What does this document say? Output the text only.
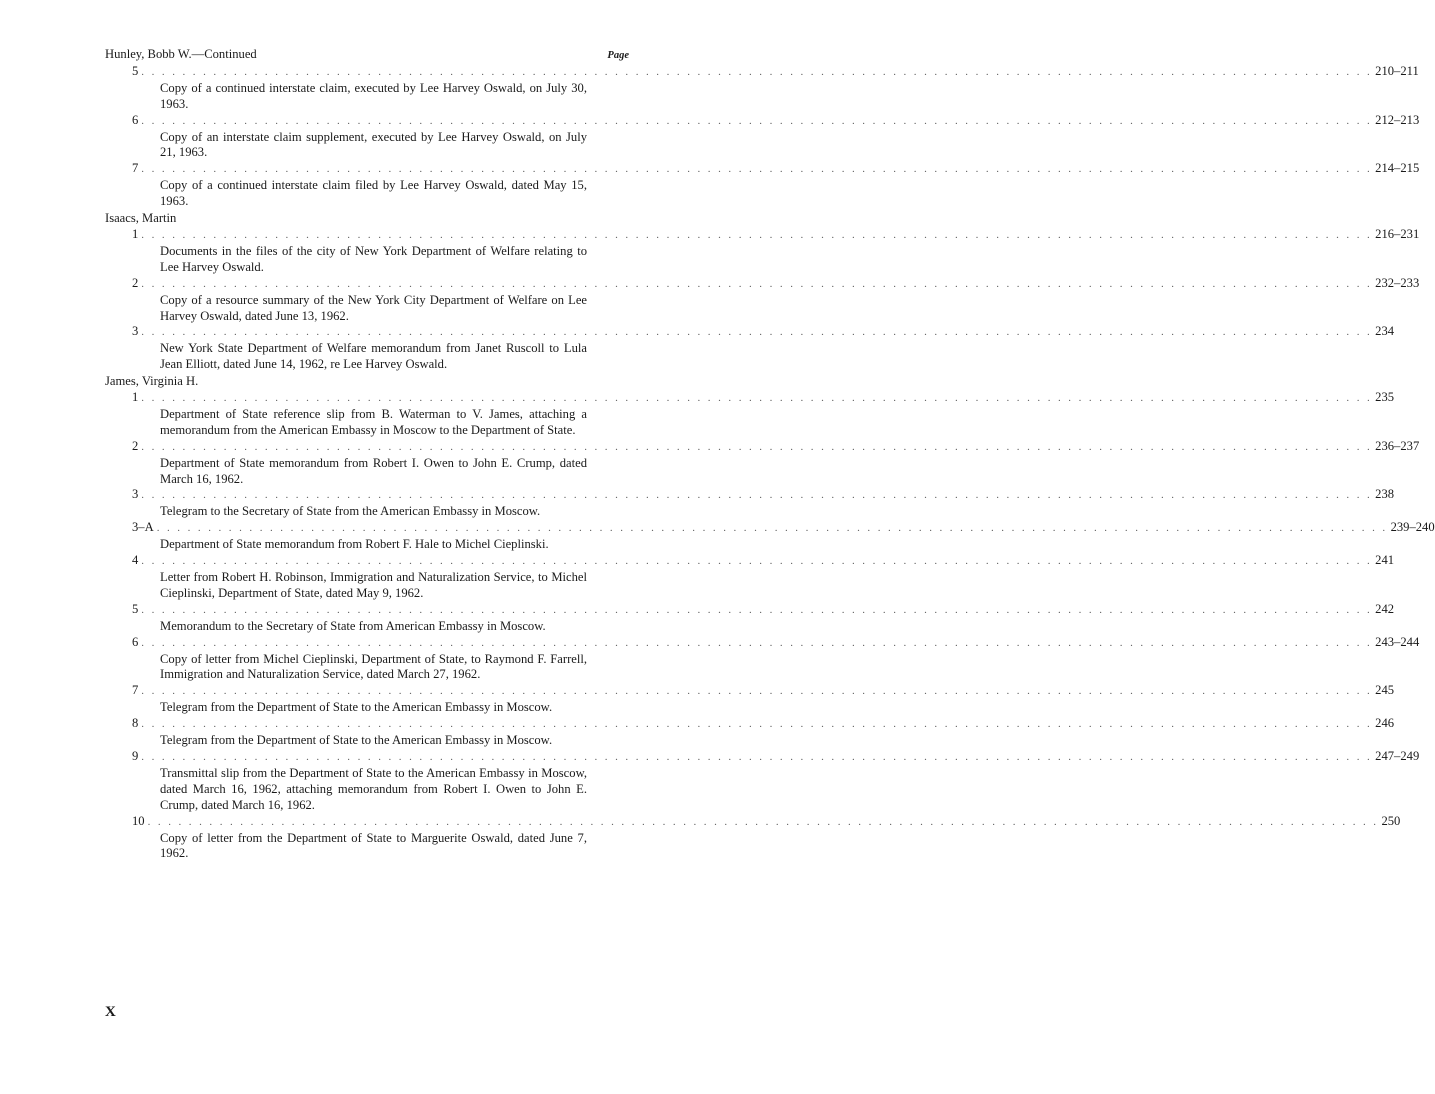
Hunley, Bobb W.—Continued	Page
5 . . . . . . . . . . . . . . . . . . . . . . . . . . . . . . . . . . . . . . . . . . . . . . . . . . . . . . . . . . . . . . . . . . . . . . . . . . . . . . . . . . . . . . . . . . . . . . . . . . . . . . . . . . . . . . . . . . . . . . . . 210–211
Copy of a continued interstate claim, executed by Lee Harvey Oswald, on July 30, 1963.
6 . . . . . . . . . . . . . . . . . . . . . . . . . . . . . . . . . . . . . . . . . . . . . . . . . . . . . . . . . . . . . . . . . . . . . . . . . . . . . . . . . . . . . . . . . . . . . . . . . . . . . . . . . . . . . . . . . . . . . . . . 212–213
Copy of an interstate claim supplement, executed by Lee Harvey Oswald, on July 21, 1963.
7 . . . . . . . . . . . . . . . . . . . . . . . . . . . . . . . . . . . . . . . . . . . . . . . . . . . . . . . . . . . . . . . . . . . . . . . . . . . . . . . . . . . . . . . . . . . . . . . . . . . . . . . . . . . . . . . . . . . . . . . . 214–215
Copy of a continued interstate claim filed by Lee Harvey Oswald, dated May 15, 1963.
Isaacs, Martin
1 . . . . . . . . . . . . . . . . . . . . . . . . . . . . . . . . . . . . . . . . . . . . . . . . . . . . . . . . . . . . . . . . . . . . . . . . . . . . . . . . . . . . . . . . . . . . . . . . . . . . . . . . . . . . . . . . . . . . . . . . 216–231
Documents in the files of the city of New York Department of Welfare relating to Lee Harvey Oswald.
2 . . . . . . . . . . . . . . . . . . . . . . . . . . . . . . . . . . . . . . . . . . . . . . . . . . . . . . . . . . . . . . . . . . . . . . . . . . . . . . . . . . . . . . . . . . . . . . . . . . . . . . . . . . . . . . . . . . . . . . . . 232–233
Copy of a resource summary of the New York City Department of Welfare on Lee Harvey Oswald, dated June 13, 1962.
3 . . . . . . . . . . . . . . . . . . . . . . . . . . . . . . . . . . . . . . . . . . . . . . . . . . . . . . . . . . . . . . . . . . . . . . . . . . . . . . . . . . . . . . . . . . . . . . . . . . . . . . . . . . . . . . . . . . . . . . . . 234
New York State Department of Welfare memorandum from Janet Ruscoll to Lula Jean Elliott, dated June 14, 1962, re Lee Harvey Oswald.
James, Virginia H.
1 . . . . . . . . . . . . . . . . . . . . . . . . . . . . . . . . . . . . . . . . . . . . . . . . . . . . . . . . . . . . . . . . . . . . . . . . . . . . . . . . . . . . . . . . . . . . . . . . . . . . . . . . . . . . . . . . . . . . . . . . 235
Department of State reference slip from B. Waterman to V. James, attaching a memorandum from the American Embassy in Moscow to the Department of State.
2 . . . . . . . . . . . . . . . . . . . . . . . . . . . . . . . . . . . . . . . . . . . . . . . . . . . . . . . . . . . . . . . . . . . . . . . . . . . . . . . . . . . . . . . . . . . . . . . . . . . . . . . . . . . . . . . . . . . . . . . . 236–237
Department of State memorandum from Robert I. Owen to John E. Crump, dated March 16, 1962.
3 . . . . . . . . . . . . . . . . . . . . . . . . . . . . . . . . . . . . . . . . . . . . . . . . . . . . . . . . . . . . . . . . . . . . . . . . . . . . . . . . . . . . . . . . . . . . . . . . . . . . . . . . . . . . . . . . . . . . . . . . 238
Telegram to the Secretary of State from the American Embassy in Moscow.
3–A . . . . . . . . . . . . . . . . . . . . . . . . . . . . . . . . . . . . . . . . . . . . . . . . . . . . . . . . . . . . . . . . . . . . . . . . . . . . . . . . . . . . . . . . . . . . . . . . . . . . . . . . . . . . . . . . . . . . . . . . 239–240
Department of State memorandum from Robert F. Hale to Michel Cieplinski.
4 . . . . . . . . . . . . . . . . . . . . . . . . . . . . . . . . . . . . . . . . . . . . . . . . . . . . . . . . . . . . . . . . . . . . . . . . . . . . . . . . . . . . . . . . . . . . . . . . . . . . . . . . . . . . . . . . . . . . . . . . 241
Letter from Robert H. Robinson, Immigration and Naturalization Service, to Michel Cieplinski, Department of State, dated May 9, 1962.
5 . . . . . . . . . . . . . . . . . . . . . . . . . . . . . . . . . . . . . . . . . . . . . . . . . . . . . . . . . . . . . . . . . . . . . . . . . . . . . . . . . . . . . . . . . . . . . . . . . . . . . . . . . . . . . . . . . . . . . . . . 242
Memorandum to the Secretary of State from American Embassy in Moscow.
6 . . . . . . . . . . . . . . . . . . . . . . . . . . . . . . . . . . . . . . . . . . . . . . . . . . . . . . . . . . . . . . . . . . . . . . . . . . . . . . . . . . . . . . . . . . . . . . . . . . . . . . . . . . . . . . . . . . . . . . . . 243–244
Copy of letter from Michel Cieplinski, Department of State, to Raymond F. Farrell, Immigration and Naturalization Service, dated March 27, 1962.
7 . . . . . . . . . . . . . . . . . . . . . . . . . . . . . . . . . . . . . . . . . . . . . . . . . . . . . . . . . . . . . . . . . . . . . . . . . . . . . . . . . . . . . . . . . . . . . . . . . . . . . . . . . . . . . . . . . . . . . . . . 245
Telegram from the Department of State to the American Embassy in Moscow.
8 . . . . . . . . . . . . . . . . . . . . . . . . . . . . . . . . . . . . . . . . . . . . . . . . . . . . . . . . . . . . . . . . . . . . . . . . . . . . . . . . . . . . . . . . . . . . . . . . . . . . . . . . . . . . . . . . . . . . . . . . 246
Telegram from the Department of State to the American Embassy in Moscow.
9 . . . . . . . . . . . . . . . . . . . . . . . . . . . . . . . . . . . . . . . . . . . . . . . . . . . . . . . . . . . . . . . . . . . . . . . . . . . . . . . . . . . . . . . . . . . . . . . . . . . . . . . . . . . . . . . . . . . . . . . . 247–249
Transmittal slip from the Department of State to the American Embassy in Moscow, dated March 16, 1962, attaching memorandum from Robert I. Owen to John E. Crump, dated March 16, 1962.
10 . . . . . . . . . . . . . . . . . . . . . . . . . . . . . . . . . . . . . . . . . . . . . . . . . . . . . . . . . . . . . . . . . . . . . . . . . . . . . . . . . . . . . . . . . . . . . . . . . . . . . . . . . . . . . . . . . . . . . . . . 250
Copy of letter from the Department of State to Marguerite Oswald, dated June 7, 1962.
X
